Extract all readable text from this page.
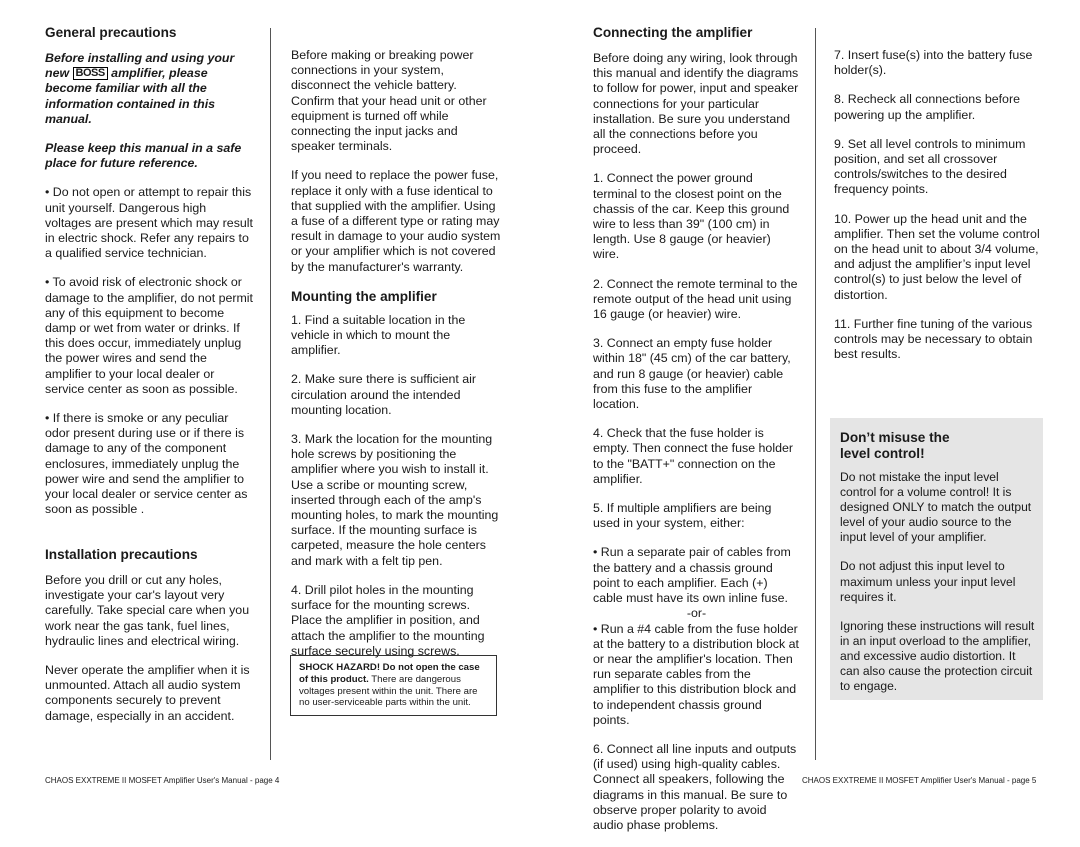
General precautions

Before installing and using your new BOSS amplifier, please become familiar with all the information contained in this manual.

Please keep this manual in a safe place for future reference.

• Do not open or attempt to repair this unit yourself. Dangerous high voltages are present which may result in electric shock. Refer any repairs to a qualified service technician.

• To avoid risk of electronic shock or damage to the amplifier, do not permit any of this equipment to become damp or wet from water or drinks. If this does occur, immediately unplug the power wires and send the amplifier to your local dealer or service center as soon as possible.

• If there is smoke or any peculiar odor present during use or if there is damage to any of the component enclosures, immediately unplug the power wire and send the amplifier to your local dealer or service center as soon as possible .

Installation precautions

Before you drill or cut any holes, investigate your car's layout very carefully. Take special care when you work near the gas tank, fuel lines, hydraulic lines and electrical wiring.

Never operate the amplifier when it is unmounted. Attach all audio system components securely to prevent damage, especially in an accident.

Before making or breaking power connections in your system, disconnect the vehicle battery. Confirm that your head unit or other equipment is turned off while connecting the input jacks and speaker terminals.

If you need to replace the power fuse, replace it only with a fuse identical to that supplied with the amplifier. Using a fuse of a different type or rating may result in damage to your audio system or your amplifier which is not covered by the manufacturer's warranty.

Mounting the amplifier

1. Find a suitable location in the vehicle in which to mount the amplifier.

2. Make sure there is sufficient air circulation around the intended mounting location.

3. Mark the location for the mounting hole screws by positioning the amplifier where you wish to install it. Use a scribe or mounting screw, inserted through each of the amp's mounting holes, to mark the mounting surface. If the mounting surface is carpeted, measure the hole centers and mark with a felt tip pen.

4. Drill pilot holes in the mounting surface for the mounting screws. Place the amplifier in position, and attach the amplifier to the mounting surface securely using screws.

SHOCK HAZARD! Do not open the case of this product. There are dangerous voltages present within the unit. There are no user-serviceable parts within the unit.
CHAOS EXXTREME II MOSFET Amplifier User's Manual - page 4
Connecting the amplifier

Before doing any wiring, look through this manual and identify the diagrams to follow for power, input and speaker connections for your particular installation. Be sure you understand all the connections before you proceed.

1. Connect the power ground terminal to the closest point on the chassis of the car. Keep this ground wire to less than 39" (100 cm) in length. Use 8 gauge (or heavier) wire.

2. Connect the remote terminal to the remote output of the head unit using 16 gauge (or heavier) wire.

3. Connect an empty fuse holder within 18" (45 cm) of the car battery, and run 8 gauge (or heavier) cable from this fuse to the amplifier location.

4. Check that the fuse holder is empty. Then connect the fuse holder to the "BATT+" connection on the amplifier.

5. If multiple amplifiers are being used in your system, either:

• Run a separate pair of cables from the battery and a chassis ground point to each amplifier. Each (+) cable must have its own inline fuse.

-or-

• Run a #4 cable from the fuse holder at the battery to a distribution block at or near the amplifier's location. Then run separate cables from the amplifier to this distribution block and to independent chassis ground points.

6. Connect all line inputs and outputs (if used) using high-quality cables. Connect all speakers, following the diagrams in this manual. Be sure to observe proper polarity to avoid audio phase problems.

7. Insert fuse(s) into the battery fuse holder(s).

8. Recheck all connections before powering up the amplifier.

9. Set all level controls to minimum position, and set all crossover controls/switches to the desired frequency points.

10. Power up the head unit and the amplifier. Then set the volume control on the head unit to about 3/4 volume, and adjust the amplifier’s input level control(s) to just below the level of distortion.

11. Further fine tuning of the various controls may be necessary to obtain best results.

Don’t misuse the
level control!

Do not mistake the input level control for a volume control! It is designed ONLY to match the output level of your audio source to the input level of your amplifier.

Do not adjust this input level to maximum unless your input level requires it.

Ignoring these instructions will result in an input overload to the amplifier, and excessive audio distortion. It can also cause the protection circuit to engage.

CHAOS EXXTREME II MOSFET Amplifier User's Manual - page 5
